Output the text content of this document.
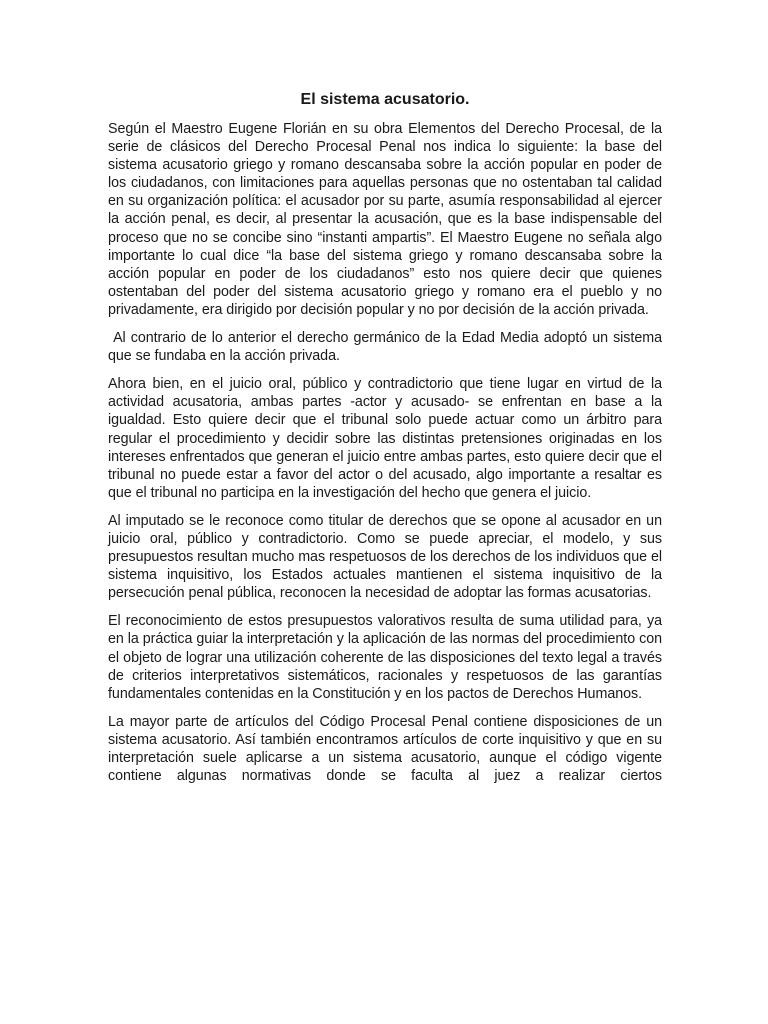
El sistema acusatorio.

Según el Maestro Eugene Florián en su obra Elementos del Derecho Procesal, de la serie de clásicos del Derecho Procesal Penal nos indica lo siguiente: la base del sistema acusatorio griego y romano descansaba sobre la acción popular en poder de los ciudadanos, con limitaciones para aquellas personas que no ostentaban tal calidad en su organización política: el acusador por su parte, asumía responsabilidad al ejercer la acción penal, es decir, al presentar la acusación, que es la base indispensable del proceso que no se concibe sino “instanti ampartis”. El Maestro Eugene no señala algo importante lo cual dice “la base del sistema griego y romano descansaba sobre la acción popular en poder de los ciudadanos” esto nos quiere decir que quienes ostentaban del poder del sistema acusatorio griego y romano era el pueblo y no privadamente, era dirigido por decisión popular y no por decisión de la acción privada.

Al contrario de lo anterior el derecho germánico de la Edad Media adoptó un sistema que se fundaba en la acción privada.

Ahora bien, en el juicio oral, público y contradictorio que tiene lugar en virtud de la actividad acusatoria, ambas partes -actor y acusado- se enfrentan en base a la igualdad. Esto quiere decir que el tribunal solo puede actuar como un árbitro para regular el procedimiento y decidir sobre las distintas pretensiones originadas en los intereses enfrentados que generan el juicio entre ambas partes, esto quiere decir que el tribunal no puede estar a favor del actor o del acusado, algo importante a resaltar es que el tribunal no participa en la investigación del hecho que genera el juicio.

Al imputado se le reconoce como titular de derechos que se opone al acusador en un juicio oral, público y contradictorio. Como se puede apreciar, el modelo, y sus presupuestos resultan mucho mas respetuosos de los derechos de los individuos que el sistema inquisitivo, los Estados actuales mantienen el sistema inquisitivo de la persecución penal pública, reconocen la necesidad de adoptar las formas acusatorias.

El reconocimiento de estos presupuestos valorativos resulta de suma utilidad para, ya en la práctica guiar la interpretación y la aplicación de las normas del procedimiento con el objeto de lograr una utilización coherente de las disposiciones del texto legal a través de criterios interpretativos sistemáticos, racionales y respetuosos de las garantías fundamentales contenidas en la Constitución y en los pactos de Derechos Humanos.

La mayor parte de artículos del Código Procesal Penal contiene disposiciones de un sistema acusatorio. Así también encontramos artículos de corte inquisitivo y que en su interpretación suele aplicarse a un sistema acusatorio, aunque el código vigente contiene algunas normativas donde se faculta al juez a realizar ciertos
